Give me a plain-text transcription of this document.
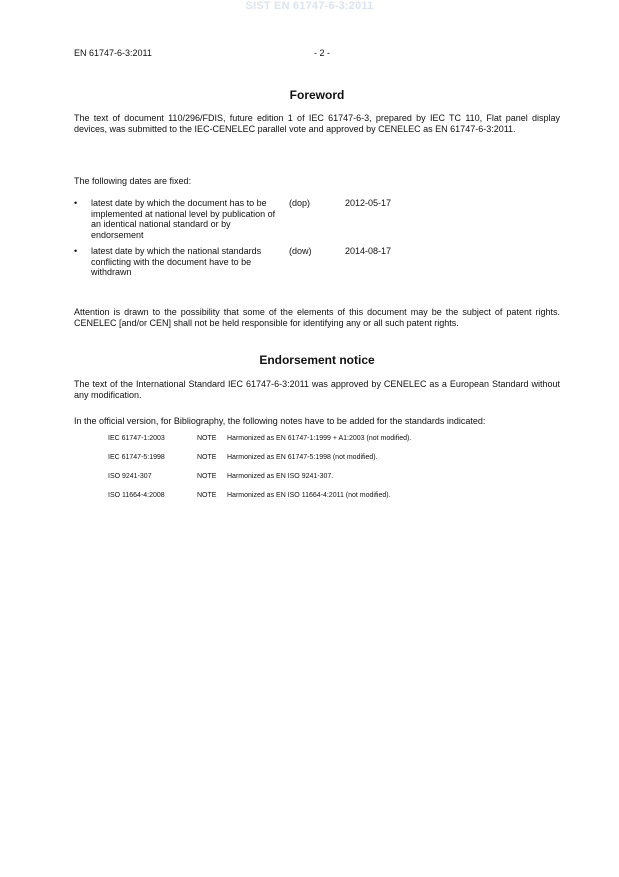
SIST EN 61747-6-3:2011
EN 61747-6-3:2011	- 2 -
Foreword
The text of document 110/296/FDIS, future edition 1 of IEC 61747-6-3, prepared by IEC TC 110, Flat panel display devices, was submitted to the IEC-CENELEC parallel vote and approved by CENELEC as EN 61747-6-3:2011.
The following dates are fixed:
• latest date by which the document has to be implemented at national level by publication of an identical national standard or by endorsement
(dop)	2012-05-17
• latest date by which the national standards conflicting with the document have to be withdrawn
(dow)	2014-08-17
Attention is drawn to the possibility that some of the elements of this document may be the subject of patent rights. CENELEC [and/or CEN] shall not be held responsible for identifying any or all such patent rights.
Endorsement notice
The text of the International Standard IEC 61747-6-3:2011 was approved by CENELEC as a European Standard without any modification.
In the official version, for Bibliography, the following notes have to be added for the standards indicated:
IEC 61747-1:2003	NOTE Harmonized as EN 61747-1:1999 + A1:2003 (not modified).
IEC 61747-5:1998	NOTE Harmonized as EN 61747-5:1998 (not modified).
ISO 9241-307	NOTE Harmonized as EN ISO 9241-307.
ISO 11664-4:2008	NOTE Harmonized as EN ISO 11664-4:2011 (not modified).
